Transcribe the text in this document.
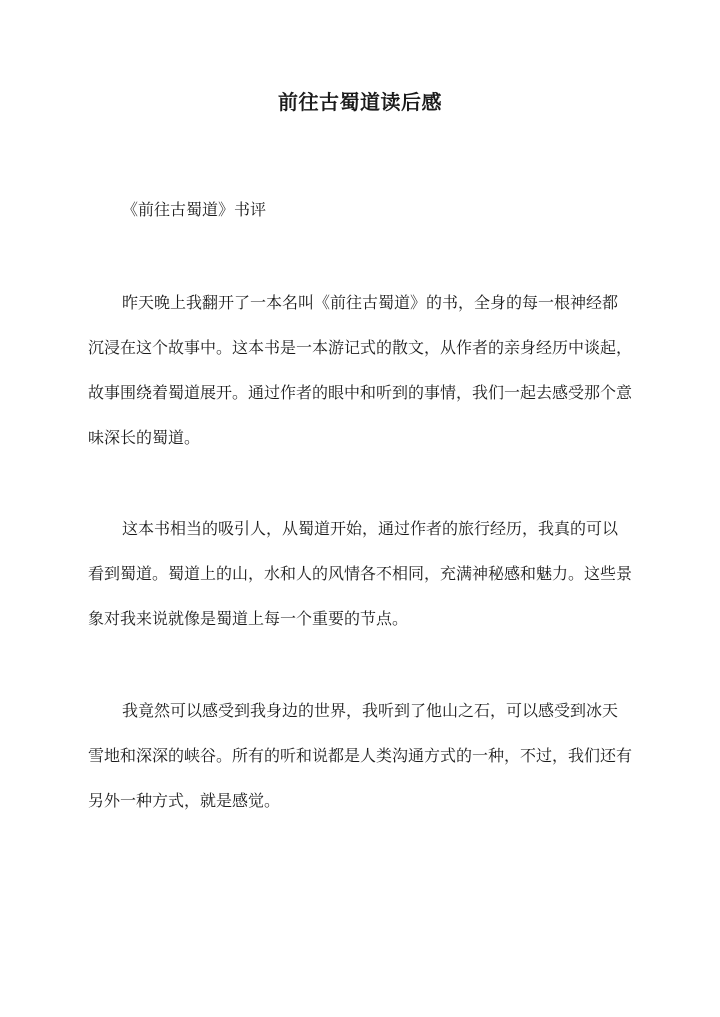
前往古蜀道读后感
《前往古蜀道》书评

昨天晚上我翻开了一本名叫《前往古蜀道》的书，全身的每一根神经都沉浸在这个故事中。这本书是一本游记式的散文，从作者的亲身经历中谈起，故事围绕着蜀道展开。通过作者的眼中和听到的事情，我们一起去感受那个意味深长的蜀道。

这本书相当的吸引人，从蜀道开始，通过作者的旅行经历，我真的可以看到蜀道。蜀道上的山，水和人的风情各不相同，充满神秘感和魅力。这些景象对我来说就像是蜀道上每一个重要的节点。

我竟然可以感受到我身边的世界，我听到了他山之石，可以感受到冰天雪地和深深的峡谷。所有的听和说都是人类沟通方式的一种，不过，我们还有另外一种方式，就是感觉。
